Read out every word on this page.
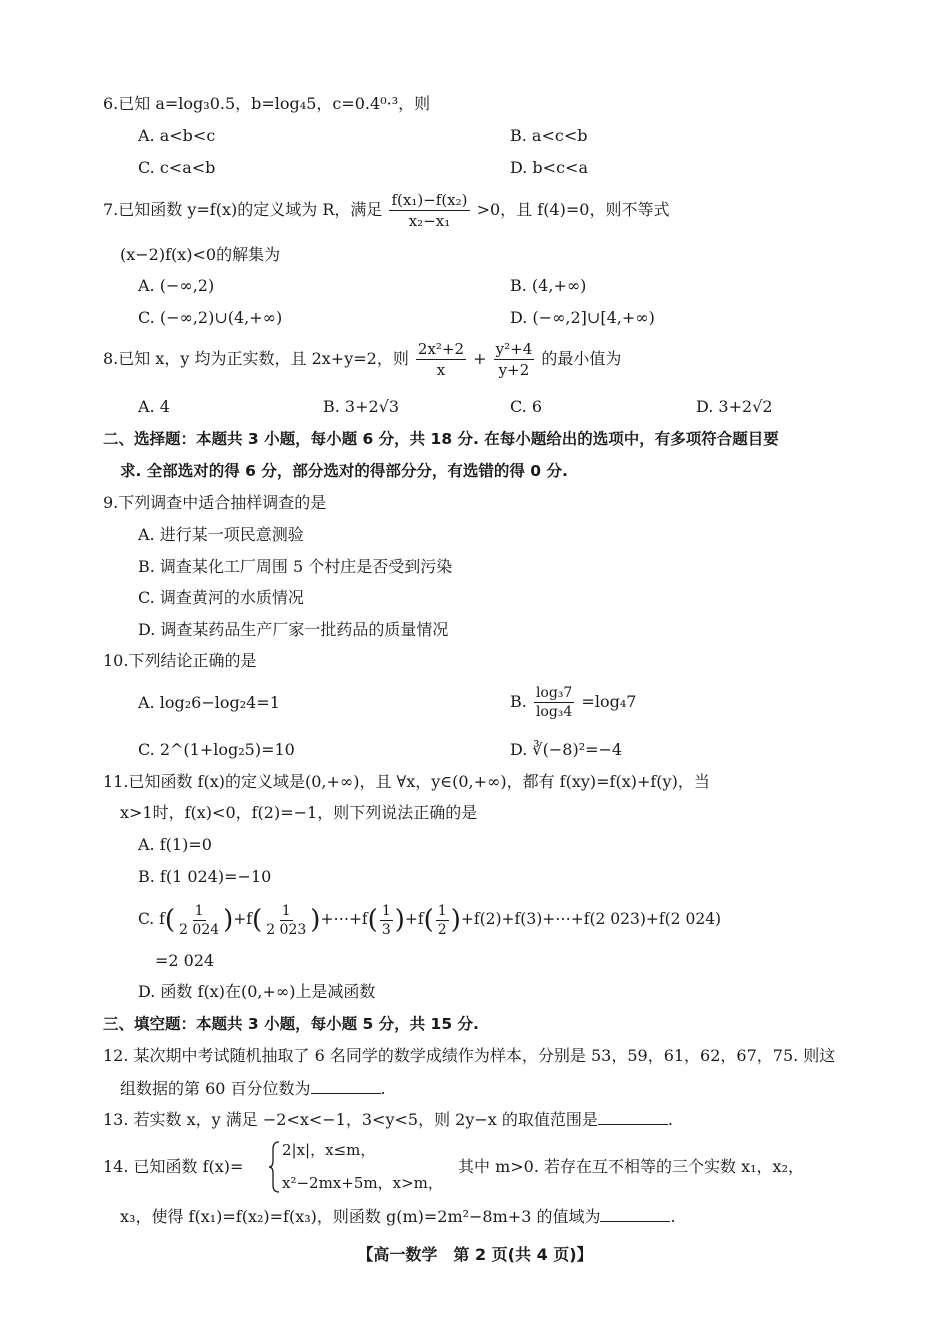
6.已知 a=log₃0.5，b=log₄5，c=0.4⁰·³，则
A. a<b<c	B. a<c<b
C. c<a<b	D. b<c<a
7.已知函数 y=f(x)的定义域为 R，满足 $\frac{\text{f(x₁)−f(x₂)}}{\text{x₂−x₁}} >0$，且 f(4)=0，则不等式
(x−2)f(x)<0的解集为
A. (−∞,2)	B. (4,+∞)
C. (−∞,2)∪(4,+∞)	D. (−∞,2]∪[4,+∞)
8.已知 x，y 均为正实数，且 2x+y=2，则 $\frac{\text{2x²+2}}{x} + \frac{\text{y²+4}}{y+2}$ 的最小值为
A. 4	B. 3+2√3	C. 6	D. 3+2√2
二、选择题：本题共 3 小题，每小题 6 分，共 18 分. 在每小题给出的选项中，有多项符合题目要
求. 全部选对的得 6 分，部分选对的得部分分，有选错的得 0 分.
9.下列调查中适合抽样调查的是
A. 进行某一项民意测验
B. 调查某化工厂周围 5 个村庄是否受到污染
C. 调查黄河的水质情况
D. 调查某药品生产厂家一批药品的质量情况
10.下列结论正确的是
A. log₂6−log₂4=1	B. $\frac{\text{log₃7}}{\text{log₃4}} =\log_47$
C. 2^(1+log₂5)=10	D. ∛(−8)²=−4
11.已知函数 f(x)的定义域是(0,+∞)，且 ∀x，y∈(0,+∞)，都有 f(xy)=f(x)+f(y)，当
x>1时，f(x)<0，f(2)=−1，则下列说法正确的是
A. f(1)=0
B. f(1 024)=−10
C. $f( \frac{1}{2 024} )+f( \frac{1}{2 023}$ )+⋯+f( $\frac{1}{3} )+f( \frac{1}{2}$ )+f(2)+f(3)+⋯+f(2 023)+f(2 024)
=2 024
D. 函数 f(x)在(0,+∞)上是减函数
三、填空题：本题共 3 小题，每小题 5 分，共 15 分.
12. 某次期中考试随机抽取了 6 名同学的数学成绩作为样本，分别是 53，59，61，62，67，75. 则这
组数据的第 60 百分位数为	.
13. 若实数 x，y 满足 −2<x<−1，3<y<5，则 2y−x 的取值范围是	.
14. 已知函数 f(x)=
2|x|，x≤m，
x²−2mx+5m，x>m，
其中 m>0. 若存在互不相等的三个实数 x₁，x₂，
x₃，使得 f(x₁)=f(x₂)=f(x₃)，则函数 g(m)=2m²−8m+3 的值域为	.
【高一数学　第 2 页(共 4 页)】
